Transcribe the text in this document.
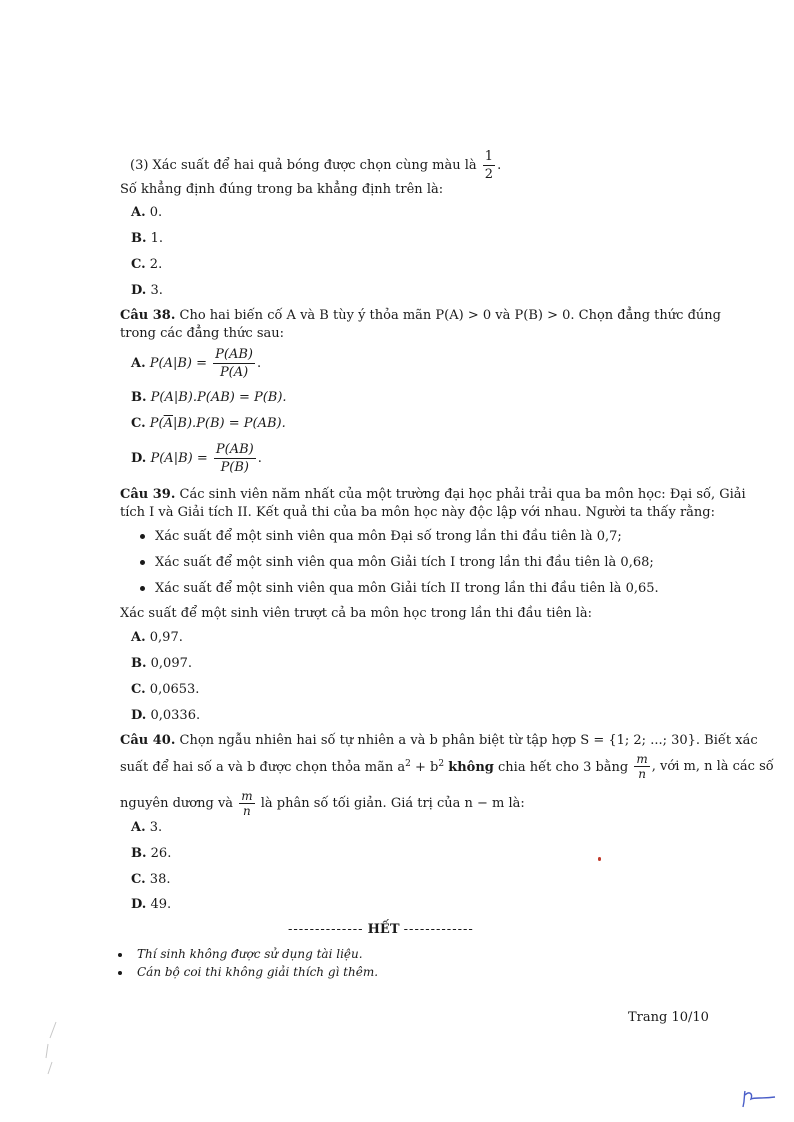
(3) Xác suất để hai quả bóng được chọn cùng màu là $\frac{1}{2}$ .
Số khẳng định đúng trong ba khẳng định trên là:
A. 0.
B. 1.
C. 2.
D. 3.
Câu 38. Cho hai biến cố A và B tùy ý thỏa mãn P(A) > 0 và P(B) > 0. Chọn đẳng thức đúng
trong các đẳng thức sau:
A. $P(A|B) = \frac{P(AB)}{P(A)}$ .
B. P(A|B).P(AB) = P(B).
C. $P(\overline{A}|B).P(B) = P(AB)$.
D. $P(A|B) = \frac{P(AB)}{P(B)}$ .
Câu 39. Các sinh viên năm nhất của một trường đại học phải trải qua ba môn học: Đại số, Giải
tích I và Giải tích II. Kết quả thi của ba môn học này độc lập với nhau. Người ta thấy rằng:
Xác suất để một sinh viên qua môn Đại số trong lần thi đầu tiên là 0,7;
Xác suất để một sinh viên qua môn Giải tích I trong lần thi đầu tiên là 0,68;
Xác suất để một sinh viên qua môn Giải tích II trong lần thi đầu tiên là 0,65.
Xác suất để một sinh viên trượt cả ba môn học trong lần thi đầu tiên là:
A. 0,97.
B. 0,097.
C. 0,0653.
D. 0,0336.
Câu 40. Chọn ngẫu nhiên hai số tự nhiên a và b phân biệt từ tập hợp S = {1; 2; ...; 30}. Biết xác
suất để hai số a và b được chọn thỏa mãn $a^2 + b^2$ không chia hết cho 3 bằng $\frac{m}{n}$ , với m, n là các số
nguyên dương và $\frac{m}{n}$ là phân số tối giản. Giá trị của n − m là:
A. 3.
B. 26.
C. 38.
D. 49.
-------------- HẾT -------------
Thí sinh không được sử dụng tài liệu.
Cán bộ coi thi không giải thích gì thêm.
Trang 10/10
